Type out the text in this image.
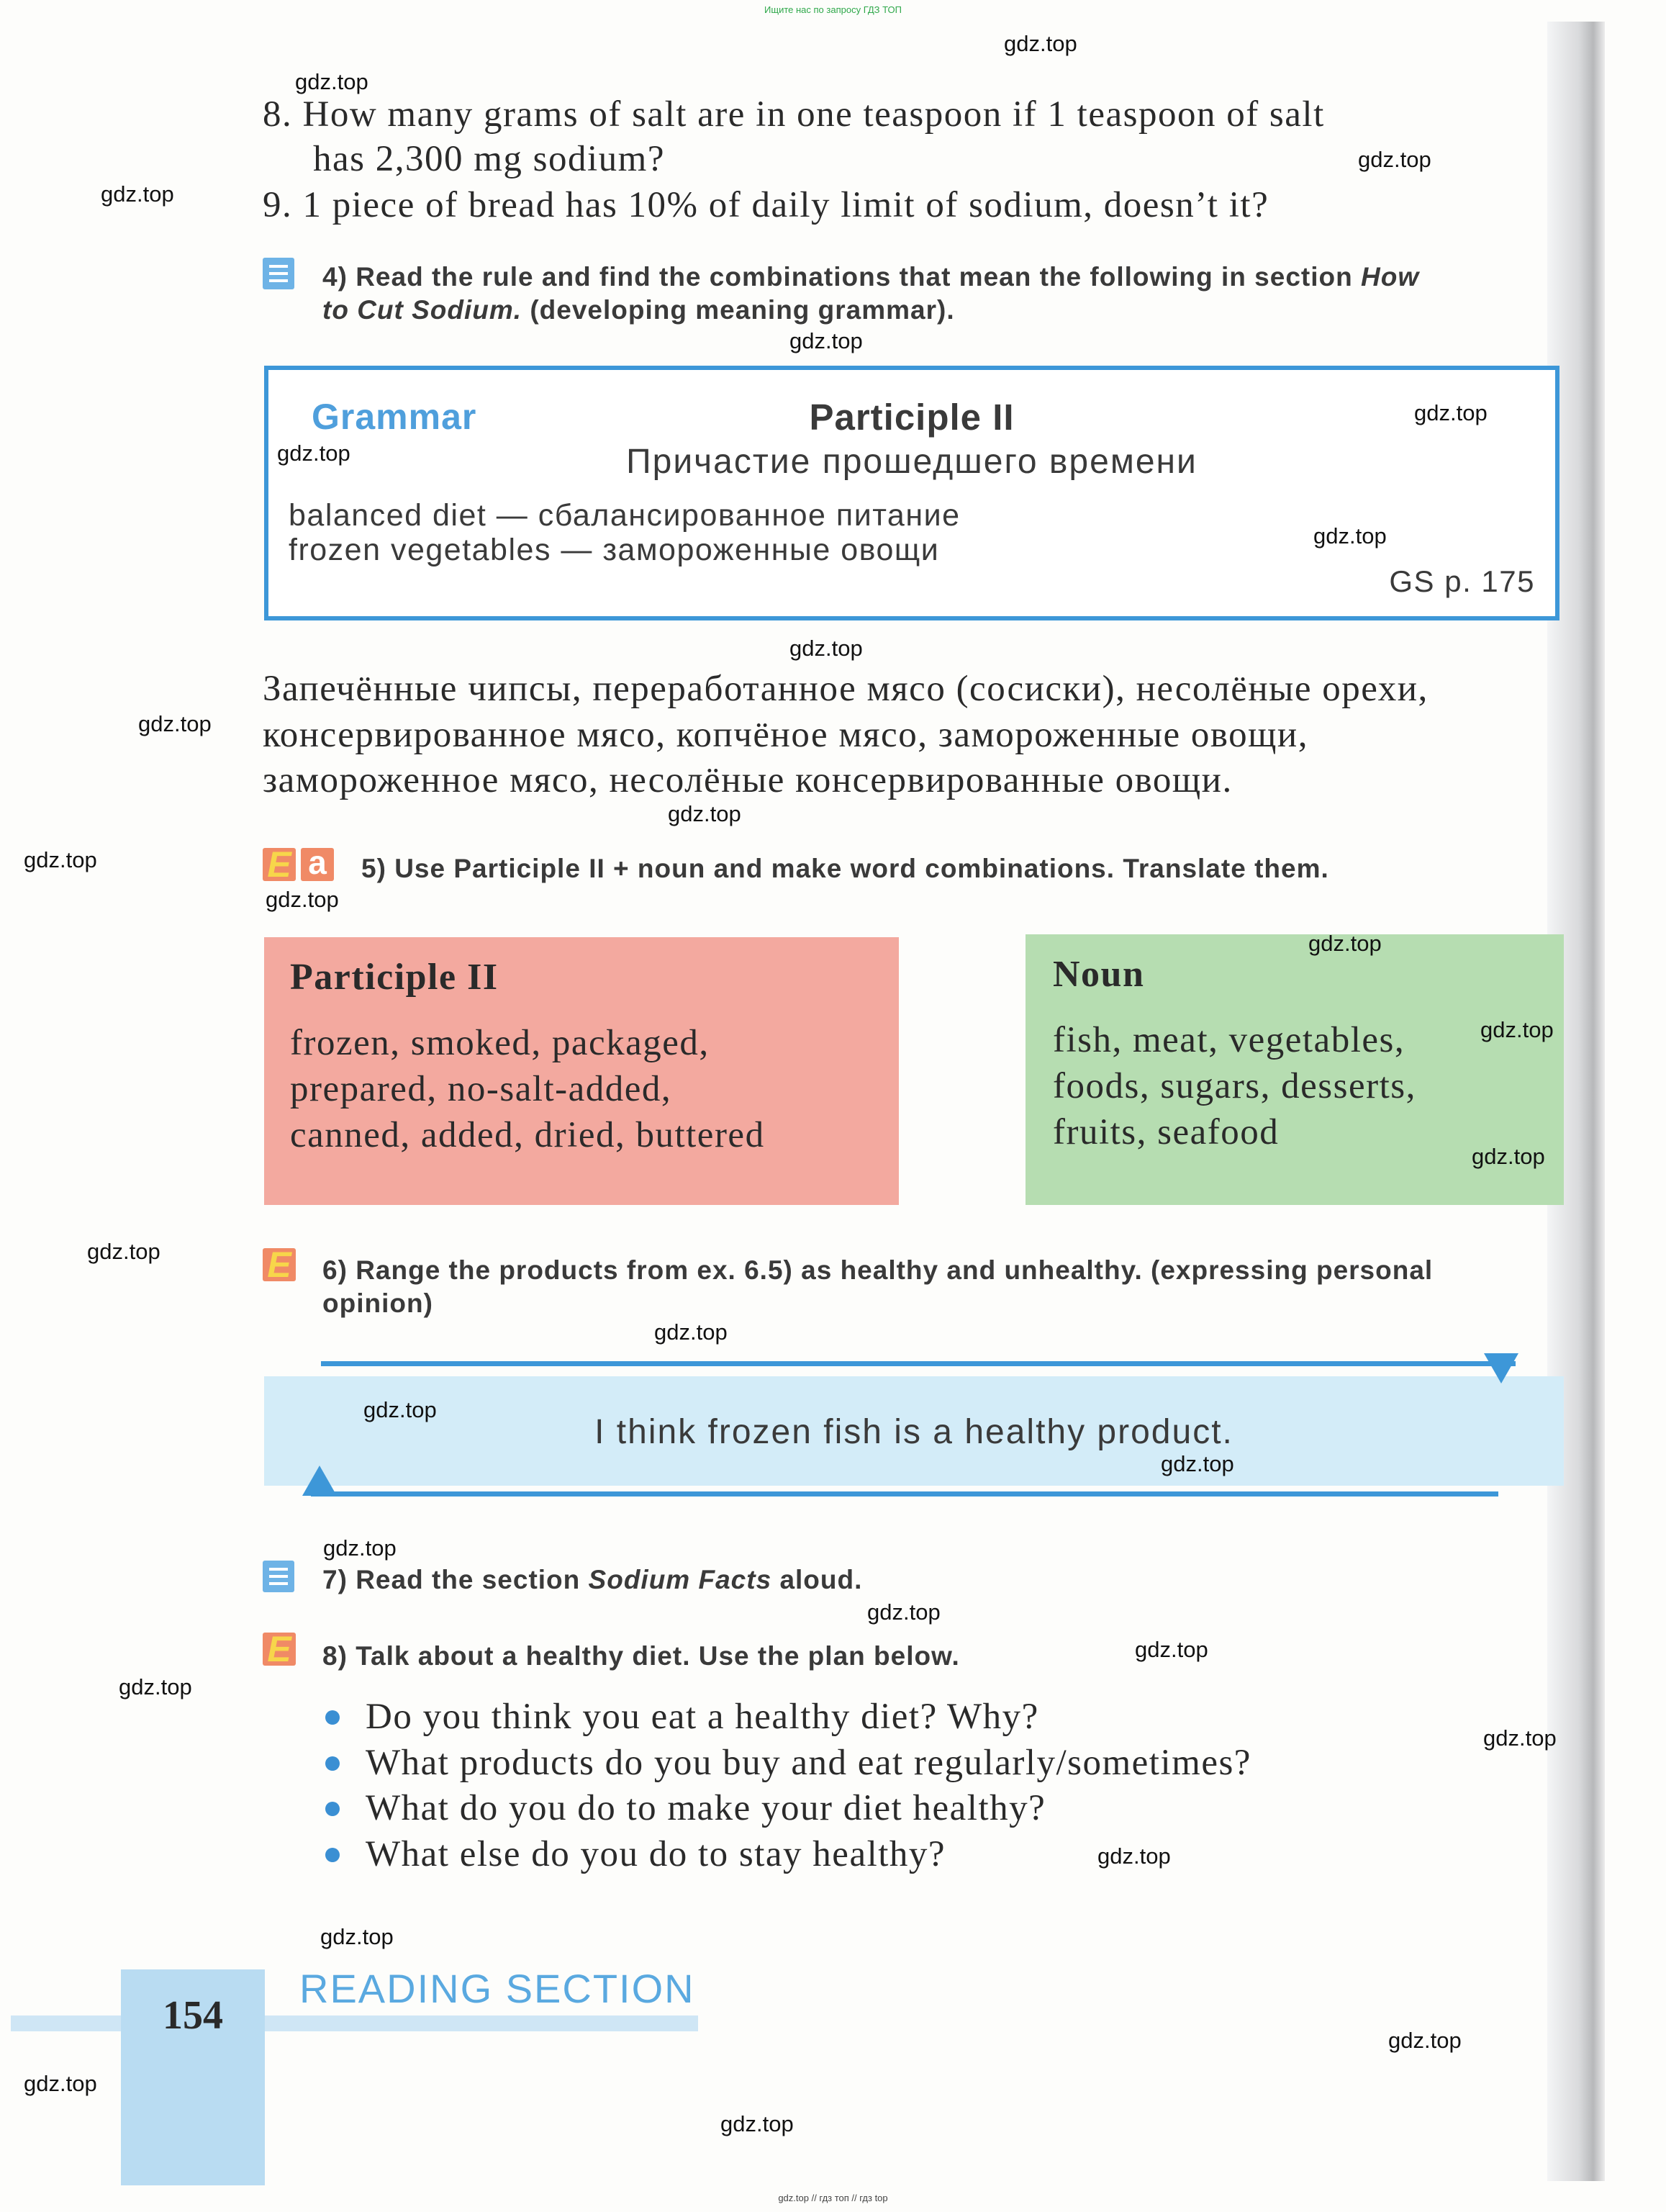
Ищите нас по запросу ГДЗ ТОП
8. How many grams of salt are in one teaspoon if 1 teaspoon of salt
has 2,300 mg sodium?
9. 1 piece of bread has 10% of daily limit of sodium, doesn’t it?
4) Read the rule and find the combinations that mean the following in section How
to Cut Sodium. (developing meaning grammar).
Grammar	Participle II
Причастие прошедшего времени
balanced diet — сбалансированное питание
frozen vegetables — замороженные овощи
GS p. 175
Запечённые чипсы, переработанное мясо (сосиски), несолёные орехи,
консервированное мясо, копчёное мясо, замороженные овощи,
замороженное мясо, несолёные консервированные овощи.
E a 5) Use Participle II + noun and make word combinations. Translate them.
Participle II
frozen, smoked, packaged,
prepared, no-salt-added,
canned, added, dried, buttered
Noun
fish, meat, vegetables,
foods, sugars, desserts,
fruits, seafood
E 6) Range the products from ex. 6.5) as healthy and unhealthy. (expressing personal
opinion)
I think frozen fish is a healthy product.
7) Read the section Sodium Facts aloud.
E 8) Talk about a healthy diet. Use the plan below.
Do you think you eat a healthy diet? Why?
What products do you buy and eat regularly/sometimes?
What do you do to make your diet healthy?
What else do you do to stay healthy?
154
READING SECTION
gdz.top // гдз топ // гдз top
gdz.top
gdz.top
gdz.top
gdz.top
gdz.top
gdz.top
gdz.top
gdz.top
gdz.top
gdz.top
gdz.top
gdz.top
gdz.top
gdz.top
gdz.top
gdz.top
gdz.top
gdz.top
gdz.top
gdz.top
gdz.top
gdz.top
gdz.top
gdz.top
gdz.top
gdz.top
gdz.top
gdz.top
gdz.top
gdz.top
